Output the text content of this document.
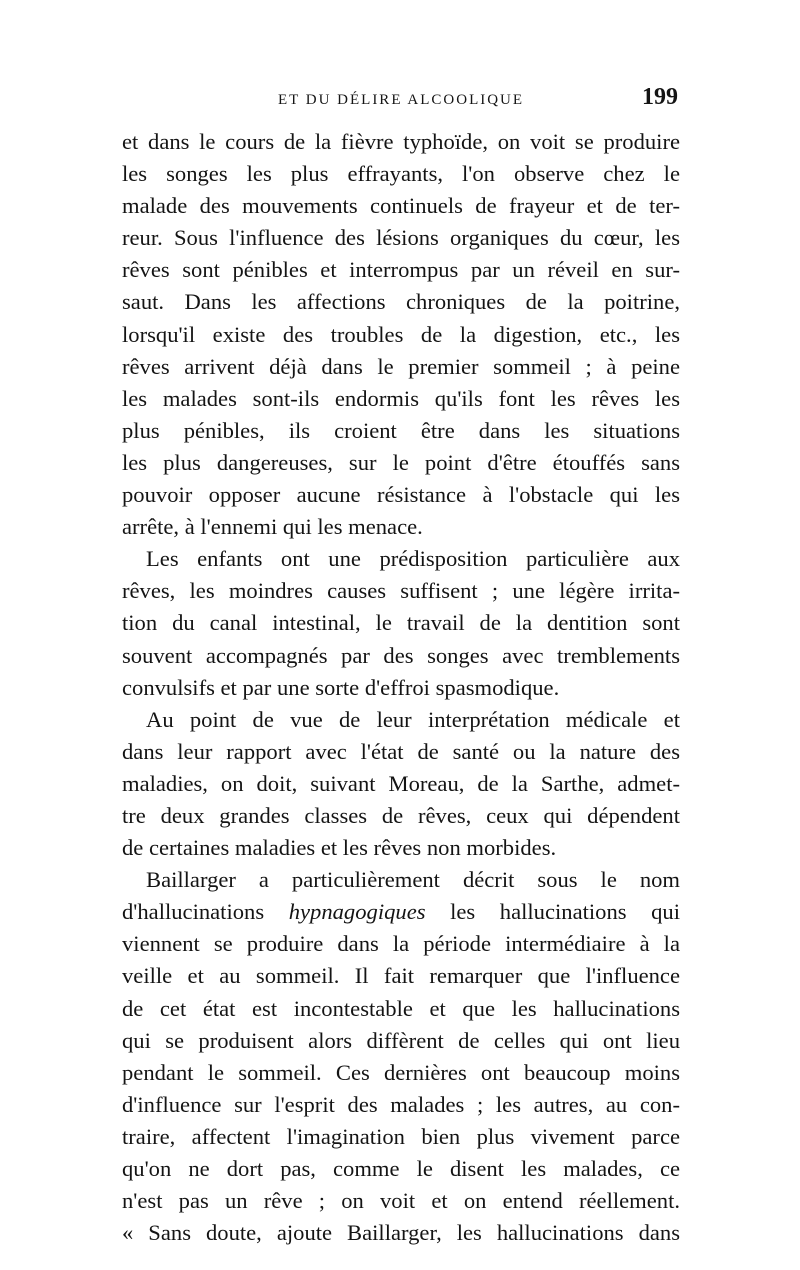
ET DU DÉLIRE ALCOOLIQUE	199
et dans le cours de la fièvre typhoïde, on voit se produire
les songes les plus effrayants, l'on observe chez le
malade des mouvements continuels de frayeur et de ter-
reur. Sous l'influence des lésions organiques du cœur, les
rêves sont pénibles et interrompus par un réveil en sur-
saut. Dans les affections chroniques de la poitrine,
lorsqu'il existe des troubles de la digestion, etc., les
rêves arrivent déjà dans le premier sommeil ; à peine
les malades sont-ils endormis qu'ils font les rêves les
plus pénibles, ils croient être dans les situations
les plus dangereuses, sur le point d'être étouffés sans
pouvoir opposer aucune résistance à l'obstacle qui les
arrête, à l'ennemi qui les menace.
Les enfants ont une prédisposition particulière aux
rêves, les moindres causes suffisent ; une légère irrita-
tion du canal intestinal, le travail de la dentition sont
souvent accompagnés par des songes avec tremblements
convulsifs et par une sorte d'effroi spasmodique.
Au point de vue de leur interprétation médicale et
dans leur rapport avec l'état de santé ou la nature des
maladies, on doit, suivant Moreau, de la Sarthe, admet-
tre deux grandes classes de rêves, ceux qui dépendent
de certaines maladies et les rêves non morbides.
Baillarger a particulièrement décrit sous le nom
d'hallucinations hypnagogiques les hallucinations qui
viennent se produire dans la période intermédiaire à la
veille et au sommeil. Il fait remarquer que l'influence
de cet état est incontestable et que les hallucinations
qui se produisent alors diffèrent de celles qui ont lieu
pendant le sommeil. Ces dernières ont beaucoup moins
d'influence sur l'esprit des malades ; les autres, au con-
traire, affectent l'imagination bien plus vivement parce
qu'on ne dort pas, comme le disent les malades, ce
n'est pas un rêve ; on voit et on entend réellement.
« Sans doute, ajoute Baillarger, les hallucinations dans
